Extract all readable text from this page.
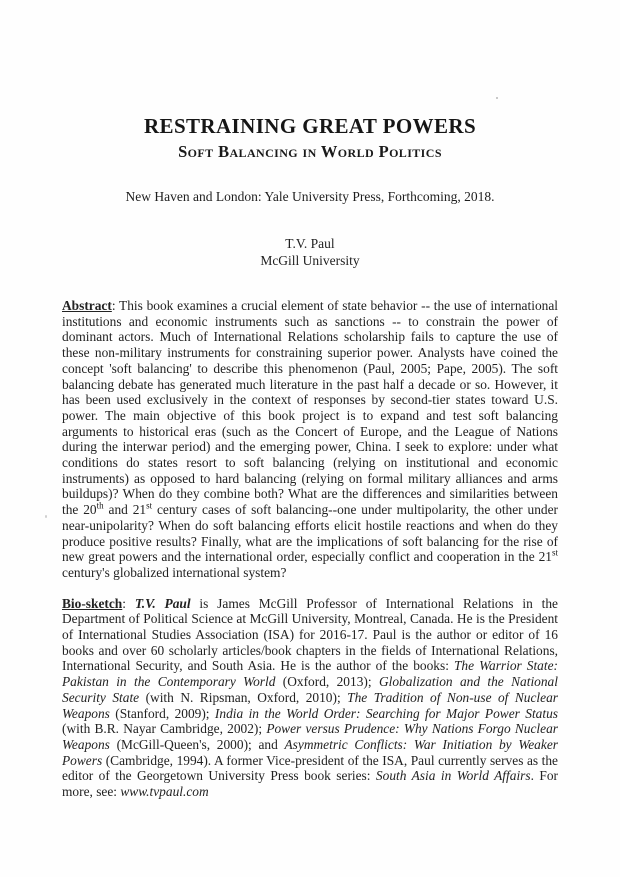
RESTRAINING GREAT POWERS
Soft Balancing in World Politics
New Haven and London: Yale University Press, Forthcoming, 2018.
T.V. Paul
McGill University

Abstract: This book examines a crucial element of state behavior -- the use of international institutions and economic instruments such as sanctions -- to constrain the power of dominant actors. Much of International Relations scholarship fails to capture the use of these non-military instruments for constraining superior power. Analysts have coined the concept 'soft balancing' to describe this phenomenon (Paul, 2005; Pape, 2005). The soft balancing debate has generated much literature in the past half a decade or so. However, it has been used exclusively in the context of responses by second-tier states toward U.S. power. The main objective of this book project is to expand and test soft balancing arguments to historical eras (such as the Concert of Europe, and the League of Nations during the interwar period) and the emerging power, China. I seek to explore: under what conditions do states resort to soft balancing (relying on institutional and economic instruments) as opposed to hard balancing (relying on formal military alliances and arms buildups)? When do they combine both? What are the differences and similarities between the 20th and 21st century cases of soft balancing--one under multipolarity, the other under near-unipolarity? When do soft balancing efforts elicit hostile reactions and when do they produce positive results? Finally, what are the implications of soft balancing for the rise of new great powers and the international order, especially conflict and cooperation in the 21st century's globalized international system?

Bio-sketch: T.V. Paul is James McGill Professor of International Relations in the Department of Political Science at McGill University, Montreal, Canada. He is the President of International Studies Association (ISA) for 2016-17. Paul is the author or editor of 16 books and over 60 scholarly articles/book chapters in the fields of International Relations, International Security, and South Asia. He is the author of the books: The Warrior State: Pakistan in the Contemporary World (Oxford, 2013); Globalization and the National Security State (with N. Ripsman, Oxford, 2010); The Tradition of Non-use of Nuclear Weapons (Stanford, 2009); India in the World Order: Searching for Major Power Status (with B.R. Nayar Cambridge, 2002); Power versus Prudence: Why Nations Forgo Nuclear Weapons (McGill-Queen's, 2000); and Asymmetric Conflicts: War Initiation by Weaker Powers (Cambridge, 1994). A former Vice-president of the ISA, Paul currently serves as the editor of the Georgetown University Press book series: South Asia in World Affairs. For more, see: www.tvpaul.com
